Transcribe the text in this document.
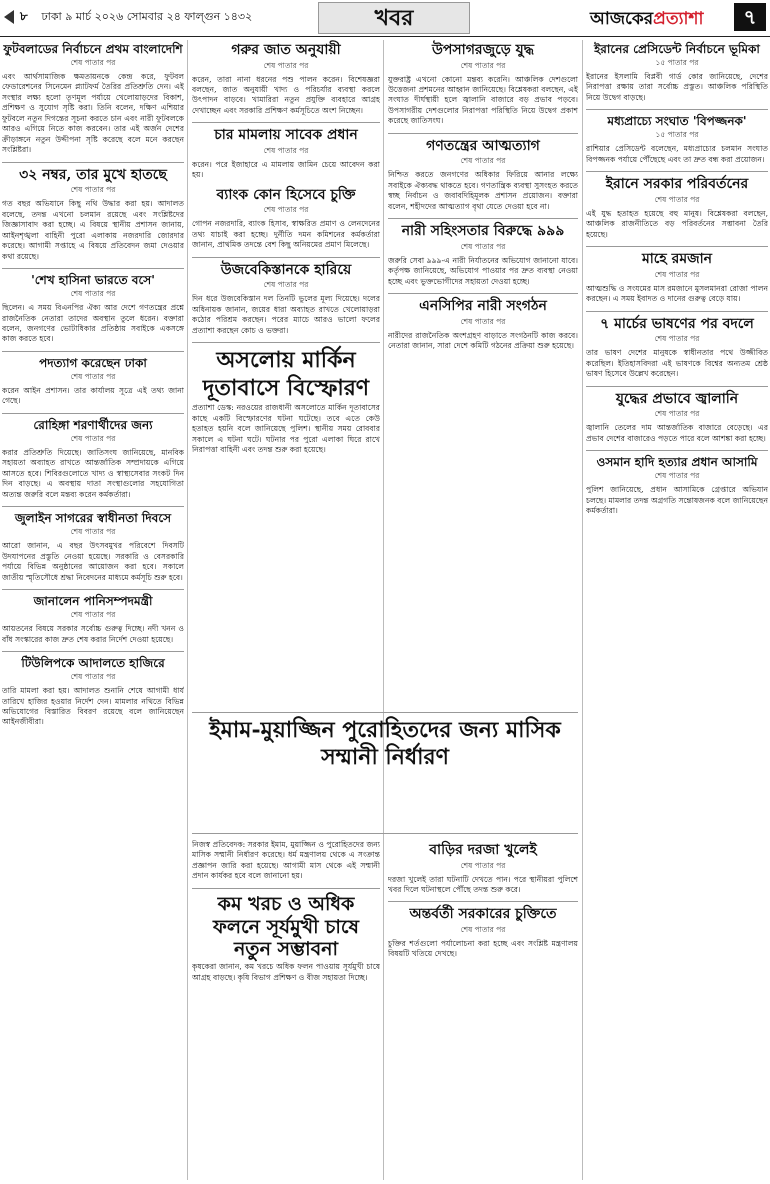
৮ ঢাকা ৯ মার্চ ২০২৬ সোমবার ২৪ ফাল্গুন ১৪৩২	খবর	আজকেরপ্রত্যাশা	৭
ফুটবলাডের নির্বাচনে প্রথম বাংলাদেশি
শেষ পাতার পর

এবং আর্থসামাজিক ক্ষমতায়নকে কেন্দ্র করে, ফুটবল ফেডারেশনের সিনেমেন প্ল্যাটফর্ম তৈরির প্রতিশ্রুতি দেন। এই সংস্থার লক্ষ্য হলো তৃণমূল পর্যায়ে খেলোয়াড়দের বিকাশ, প্রশিক্ষণ ও সুযোগ সৃষ্টি করা। তিনি বলেন, দক্ষিণ এশিয়ার ফুটবলে নতুন দিগন্তের সূচনা করতে চান এবং নারী ফুটবলকে আরও এগিয়ে নিতে কাজ করবেন। তার এই অর্জন দেশের ক্রীড়াঙ্গনে নতুন উদ্দীপনা সৃষ্টি করেছে বলে মনে করছেন সংশ্লিষ্টরা।

৩২ নম্বর, তার মুখে হাতছে
শেষ পাতার পর

গত বছর অভিযানে কিছু নথি উদ্ধার করা হয়। আদালত বলেছে, তদন্ত এখনো চলমান রয়েছে এবং সংশ্লিষ্টদের জিজ্ঞাসাবাদ করা হচ্ছে। এ বিষয়ে স্থানীয় প্রশাসন জানায়, আইনশৃঙ্খলা বাহিনী পুরো এলাকায় নজরদারি জোরদার করেছে। আগামী সপ্তাহে এ বিষয়ে প্রতিবেদন জমা দেওয়ার কথা রয়েছে।

'শেখ হাসিনা ভারতে বসে'
শেষ পাতার পর

ছিলেন। এ সময় বিএনপির ঐক্য আর দেশে গণতন্ত্রের প্রশ্নে রাজনৈতিক নেতারা তাদের অবস্থান তুলে ধরেন। বক্তারা বলেন, জনগণের ভোটাধিকার প্রতিষ্ঠায় সবাইকে একসঙ্গে কাজ করতে হবে।

পদত্যাগ করেছেন ঢাকা
শেষ পাতার পর

করেন আইন প্রশাসন। তার কার্যালয় সূত্রে এই তথ্য জানা গেছে।

রোহিঙ্গা শরণার্থীদের জন্য
শেষ পাতার পর

করার প্রতিশ্রুতি দিয়েছে। জাতিসংঘ জানিয়েছে, মানবিক সহায়তা অব্যাহত রাখতে আন্তর্জাতিক সম্প্রদায়কে এগিয়ে আসতে হবে। শিবিরগুলোতে খাদ্য ও স্বাস্থ্যসেবার সংকট দিন দিন বাড়ছে। এ অবস্থায় দাতা সংস্থাগুলোর সহযোগিতা অত্যন্ত জরুরি বলে মন্তব্য করেন কর্মকর্তারা।

জুলাইন সাগরের স্বাধীনতা দিবসে
শেষ পাতার পর

আরো জানান, এ বছর উৎসবমুখর পরিবেশে দিবসটি উদযাপনের প্রস্তুতি নেওয়া হয়েছে। সরকারি ও বেসরকারি পর্যায়ে বিভিন্ন অনুষ্ঠানের আয়োজন করা হবে। সকালে জাতীয় স্মৃতিসৌধে শ্রদ্ধা নিবেদনের মাধ্যমে কর্মসূচি শুরু হবে।

জানালেন পানিসম্পদমন্ত্রী
শেষ পাতার পর

আয়তনের বিষয়ে সরকার সর্বোচ্চ গুরুত্ব দিচ্ছে। নদী খনন ও বাঁধ সংস্কারের কাজ দ্রুত শেষ করার নির্দেশ দেওয়া হয়েছে।

টিউলিপকে আদালতে হাজিরে
শেষ পাতার পর

তারি মামলা করা হয়। আদালত শুনানি শেষে আগামী ধার্য তারিখে হাজির হওয়ার নির্দেশ দেন। মামলার নথিতে বিভিন্ন অভিযোগের বিস্তারিত বিবরণ রয়েছে বলে জানিয়েছেন আইনজীবীরা।

গরুর জাত অনুযায়ী
শেষ পাতার পর

করেন, তারা নানা ধরনের পশু পালন করেন। বিশেষজ্ঞরা বলছেন, জাত অনুযায়ী খাদ্য ও পরিচর্যার ব্যবস্থা করলে উৎপাদন বাড়বে। খামারিরা নতুন প্রযুক্তি ব্যবহারে আগ্রহ দেখাচ্ছেন এবং সরকারি প্রশিক্ষণ কর্মসূচিতে অংশ নিচ্ছেন।

চার মামলায় সাবেক প্রধান
শেষ পাতার পর

করেন। পরে ইজাহারে এ মামলায় জামিন চেয়ে আবেদন করা হয়।

ব্যাংক কোন হিসেবে চুক্তি
শেষ পাতার পর

গোপন নজরদারি, ব্যাংক হিসাব, স্বাক্ষরিত প্রমাণ ও লেনদেনের তথ্য যাচাই করা হচ্ছে। দুর্নীতি দমন কমিশনের কর্মকর্তারা জানান, প্রাথমিক তদন্তে বেশ কিছু অনিয়মের প্রমাণ মিলেছে।

উজবেকিস্তানকে হারিয়ে
শেষ পাতার পর

দিন ধরে উজবেকিস্তান দল তিনটি ভুলের মূল্য দিয়েছে। দলের অধিনায়ক জানান, জয়ের ধারা অব্যাহত রাখতে খেলোয়াড়রা কঠোর পরিশ্রম করছেন। পরের ম্যাচে আরও ভালো ফলের প্রত্যাশা করছেন কোচ ও ভক্তরা।

অসলোয় মার্কিন দূতাবাসে বিস্ফোরণ

প্রত্যাশা ডেস্ক: নরওয়ের রাজধানী অসলোতে মার্কিন দূতাবাসের কাছে একটি বিস্ফোরণের ঘটনা ঘটেছে। তবে এতে কেউ হতাহত হয়নি বলে জানিয়েছে পুলিশ। স্থানীয় সময় রোববার সকালে এ ঘটনা ঘটে। ঘটনার পর পুরো এলাকা ঘিরে রাখে নিরাপত্তা বাহিনী এবং তদন্ত শুরু করা হয়েছে।

উপসাগরজুড়ে যুদ্ধ
শেষ পাতার পর

যুক্তরাষ্ট্র এখনো কোনো মন্তব্য করেনি। আঞ্চলিক দেশগুলো উত্তেজনা প্রশমনের আহ্বান জানিয়েছে। বিশ্লেষকরা বলছেন, এই সংঘাত দীর্ঘস্থায়ী হলে জ্বালানি বাজারে বড় প্রভাব পড়বে। উপসাগরীয় দেশগুলোর নিরাপত্তা পরিস্থিতি নিয়ে উদ্বেগ প্রকাশ করেছে জাতিসংঘ।

গণতন্ত্রের আত্মত্যাগ
শেষ পাতার পর

নিশ্চিত করতে জনগণের অধিকার ফিরিয়ে আনার লক্ষ্যে সবাইকে ঐক্যবদ্ধ থাকতে হবে। গণতান্ত্রিক ব্যবস্থা সুসংহত করতে স্বচ্ছ নির্বাচন ও জবাবদিহিমূলক প্রশাসন প্রয়োজন। বক্তারা বলেন, শহীদদের আত্মত্যাগ বৃথা যেতে দেওয়া হবে না।

নারী সহিংসতার বিরুদ্ধে ৯৯৯
শেষ পাতার পর

জরুরি সেবা ৯৯৯-এ নারী নির্যাতনের অভিযোগ জানানো যাবে। কর্তৃপক্ষ জানিয়েছে, অভিযোগ পাওয়ার পর দ্রুত ব্যবস্থা নেওয়া হচ্ছে এবং ভুক্তভোগীদের সহায়তা দেওয়া হচ্ছে।

এনসিপির নারী সংগঠন
শেষ পাতার পর

নারীদের রাজনৈতিক অংশগ্রহণ বাড়াতে সংগঠনটি কাজ করবে। নেতারা জানান, সারা দেশে কমিটি গঠনের প্রক্রিয়া শুরু হয়েছে।

ইমাম-মুয়াজ্জিন পুরোহিতদের জন্য মাসিক সম্মানী নির্ধারণ

নিজস্ব প্রতিবেদক: সরকার ইমাম, মুয়াজ্জিন ও পুরোহিতদের জন্য মাসিক সম্মানী নির্ধারণ করেছে। ধর্ম মন্ত্রণালয় থেকে এ সংক্রান্ত প্রজ্ঞাপন জারি করা হয়েছে। আগামী মাস থেকে এই সম্মানী প্রদান কার্যকর হবে বলে জানানো হয়।

কম খরচ ও অধিক ফলনে সূর্যমুখী চাষে নতুন সম্ভাবনা

কৃষকেরা জানান, কম খরচে অধিক ফলন পাওয়ায় সূর্যমুখী চাষে আগ্রহ বাড়ছে। কৃষি বিভাগ প্রশিক্ষণ ও বীজ সহায়তা দিচ্ছে।

বাড়ির দরজা খুলেই
শেষ পাতার পর

দরজা খুলেই তারা ঘটনাটি দেখতে পান। পরে স্থানীয়রা পুলিশে খবর দিলে ঘটনাস্থলে পৌঁছে তদন্ত শুরু করে।

অন্তর্বর্তী সরকারের চুক্তিতে
শেষ পাতার পর

চুক্তির শর্তগুলো পর্যালোচনা করা হচ্ছে এবং সংশ্লিষ্ট মন্ত্রণালয় বিষয়টি খতিয়ে দেখছে।

ইরানের প্রেসিডেন্ট নির্বাচনে ভূমিকা
১৫ পাতার পর

ইরানের ইসলামি বিপ্লবী গার্ড কোর জানিয়েছে, দেশের নিরাপত্তা রক্ষায় তারা সর্বোচ্চ প্রস্তুত। আঞ্চলিক পরিস্থিতি নিয়ে উদ্বেগ বাড়ছে।

মধ্যপ্রাচ্যে সংঘাত 'বিপজ্জনক'
১৫ পাতার পর

রাশিয়ার প্রেসিডেন্ট বলেছেন, মধ্যপ্রাচ্যের চলমান সংঘাত বিপজ্জনক পর্যায়ে পৌঁছেছে এবং তা দ্রুত বন্ধ করা প্রয়োজন।

ইরানে সরকার পরিবর্তনের
শেষ পাতার পর

এই যুদ্ধ হতাহত হয়েছে বহু মানুষ। বিশ্লেষকরা বলছেন, আঞ্চলিক রাজনীতিতে বড় পরিবর্তনের সম্ভাবনা তৈরি হয়েছে।

মাহে রমজান
শেষ পাতার পর

আত্মশুদ্ধি ও সংযমের মাস রমজানে মুসলমানরা রোজা পালন করছেন। এ সময় ইবাদত ও দানের গুরুত্ব বেড়ে যায়।

৭ মার্চের ভাষণের পর বদলে
শেষ পাতার পর

তার ভাষণ দেশের মানুষকে স্বাধীনতার পথে উজ্জীবিত করেছিল। ইতিহাসবিদরা এই ভাষণকে বিশ্বের অন্যতম শ্রেষ্ঠ ভাষণ হিসেবে উল্লেখ করেছেন।

যুদ্ধের প্রভাবে জ্বালানি
শেষ পাতার পর

জ্বালানি তেলের দাম আন্তর্জাতিক বাজারে বেড়েছে। এর প্রভাব দেশের বাজারেও পড়তে পারে বলে আশঙ্কা করা হচ্ছে।

ওসমান হাদি হত্যার প্রধান আসামি
শেষ পাতার পর

পুলিশ জানিয়েছে, প্রধান আসামিকে গ্রেপ্তারে অভিযান চলছে। মামলার তদন্ত অগ্রগতি সন্তোষজনক বলে জানিয়েছেন কর্মকর্তারা।
